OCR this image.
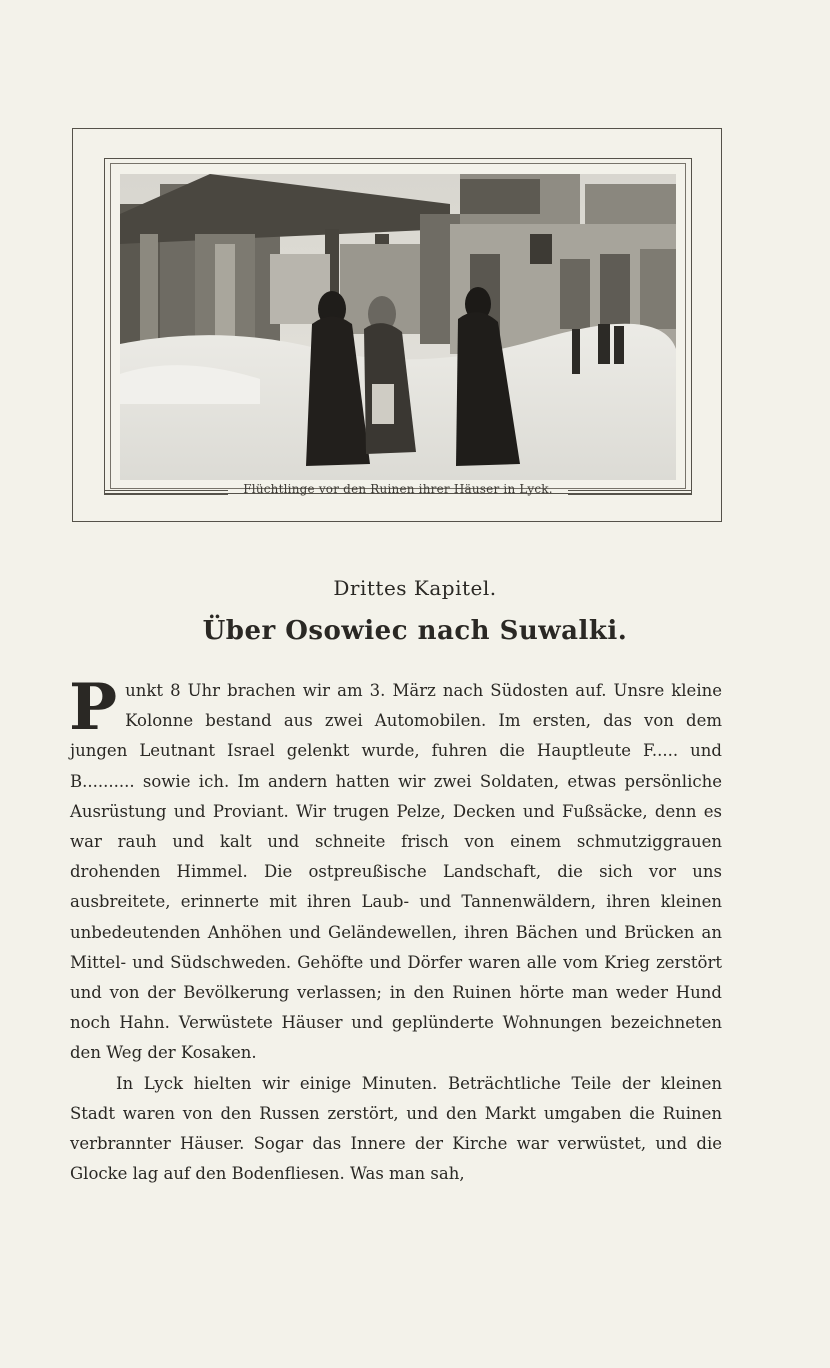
Flüchtlinge vor den Ruinen ihrer Häuser in Lyck.
Drittes Kapitel.
Über Osowiec nach Suwalki.

Punkt 8 Uhr brachen wir am 3. März nach Südosten auf. Unsre kleine Kolonne bestand aus zwei Automobilen. Im ersten, das von dem jungen Leutnant Israel gelenkt wurde, fuhren die Hauptleute F..... und B.......... sowie ich. Im andern hatten wir zwei Soldaten, etwas persönliche Ausrüstung und Proviant. Wir trugen Pelze, Decken und Fußsäcke, denn es war rauh und kalt und schneite frisch von einem schmutziggrauen drohenden Himmel. Die ostpreußische Landschaft, die sich vor uns ausbreitete, erinnerte mit ihren Laub- und Tannenwäldern, ihren kleinen unbedeutenden Anhöhen und Geländewellen, ihren Bächen und Brücken an Mittel- und Südschweden. Gehöfte und Dörfer waren alle vom Krieg zerstört und von der Bevölkerung verlassen; in den Ruinen hörte man weder Hund noch Hahn. Verwüstete Häuser und geplünderte Wohnungen bezeichneten den Weg der Kosaken.

In Lyck hielten wir einige Minuten. Beträchtliche Teile der kleinen Stadt waren von den Russen zerstört, und den Markt umgaben die Ruinen verbrannter Häuser. Sogar das Innere der Kirche war verwüstet, und die Glocke lag auf den Bodenfliesen. Was man sah,
